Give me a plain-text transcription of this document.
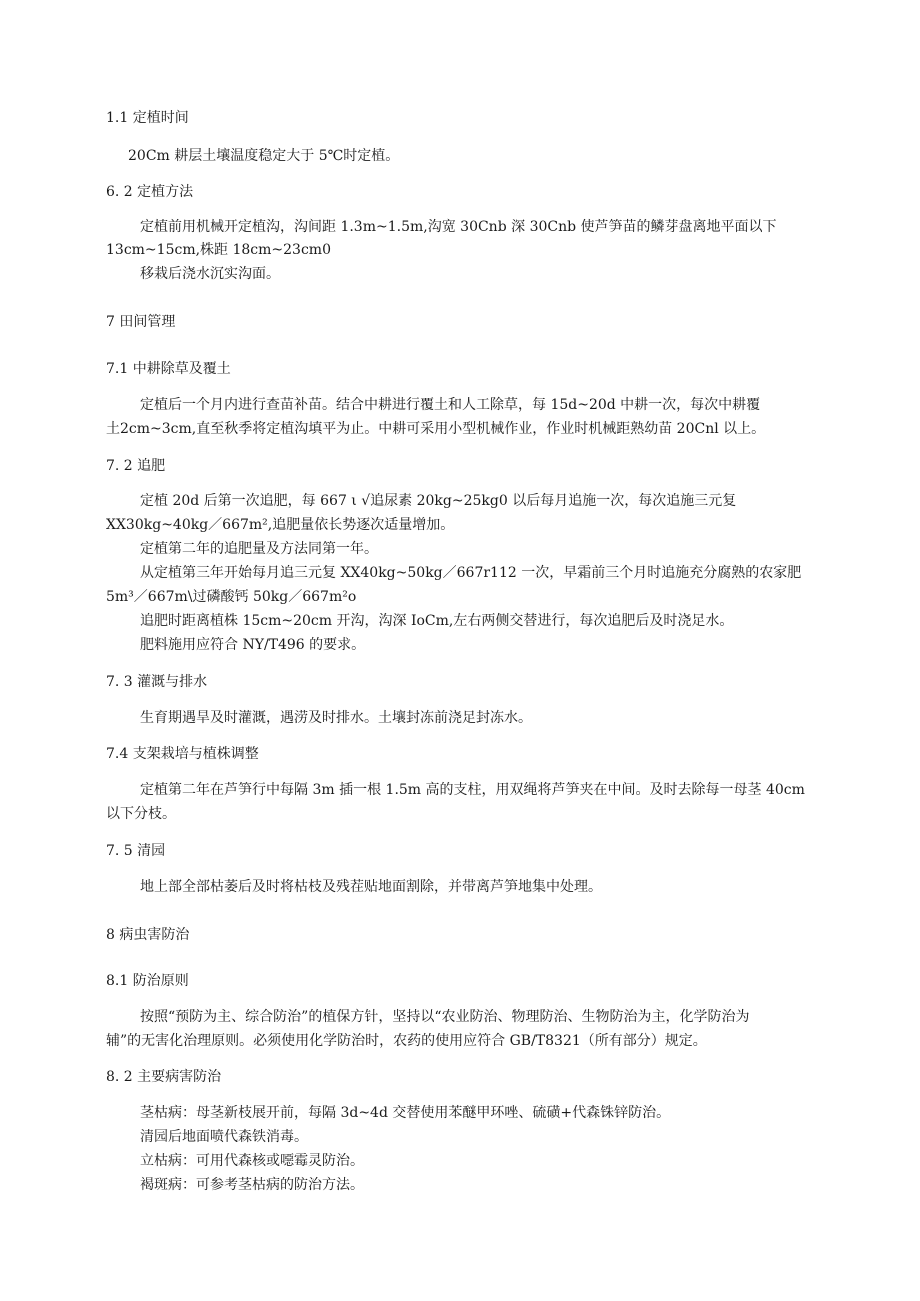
1.1 定植时间
20Cm 耕层土壤温度稳定大于 5℃时定植。
6. 2 定植方法
定植前用机械开定植沟，沟间距 1.3m~1.5m,沟宽 30Cnb 深 30Cnb 使芦笋苗的鳞芽盘离地平面以下
13cm~15cm,株距 18cm~23cm0
移栽后浇水沉实沟面。
7 田间管理
7.1 中耕除草及覆土
定植后一个月内进行查苗补苗。结合中耕进行覆土和人工除草，每 15d~20d 中耕一次，每次中耕覆
土2cm~3cm,直至秋季将定植沟填平为止。中耕可采用小型机械作业，作业时机械距熟幼苗 20Cnl 以上。
7. 2 追肥
定植 20d 后第一次追肥，每 667 ι √追尿素 20kg~25kg0 以后每月追施一次，每次追施三元复
XX30kg~40kg／667m²,追肥量依长势逐次适量增加。
定植第二年的追肥量及方法同第一年。
从定植第三年开始每月追三元复 XX40kg~50kg／667r112 一次，早霜前三个月时追施充分腐熟的农家肥
5m³／667m\过磷酸钙 50kg／667m²o
追肥时距离植株 15cm~20cm 开沟，沟深 IoCm,左右两侧交替进行，每次追肥后及时浇足水。
肥料施用应符合 NY/T496 的要求。
7. 3 灌溉与排水
生育期遇旱及时灌溉，遇涝及时排水。土壤封冻前浇足封冻水。
7.4 支架栽培与植株调整
定植第二年在芦笋行中每隔 3m 插一根 1.5m 高的支柱，用双绳将芦笋夹在中间。及时去除每一母茎 40cm
以下分枝。
7. 5 清园
地上部全部枯萎后及时将枯枝及残茬贴地面割除，并带离芦笋地集中处理。
8 病虫害防治
8.1 防治原则
按照“预防为主、综合防治”的植保方针，坚持以“农业防治、物理防治、生物防治为主，化学防治为
辅”的无害化治理原则。必须使用化学防治时，农药的使用应符合 GB/T8321（所有部分）规定。
8. 2 主要病害防治
茎枯病：母茎新枝展开前，每隔 3d~4d 交替使用苯醚甲环唑、硫磺+代森铢锌防治。
清园后地面喷代森铁消毒。
立枯病：可用代森核或噁霉灵防治。
褐斑病：可参考茎枯病的防治方法。
